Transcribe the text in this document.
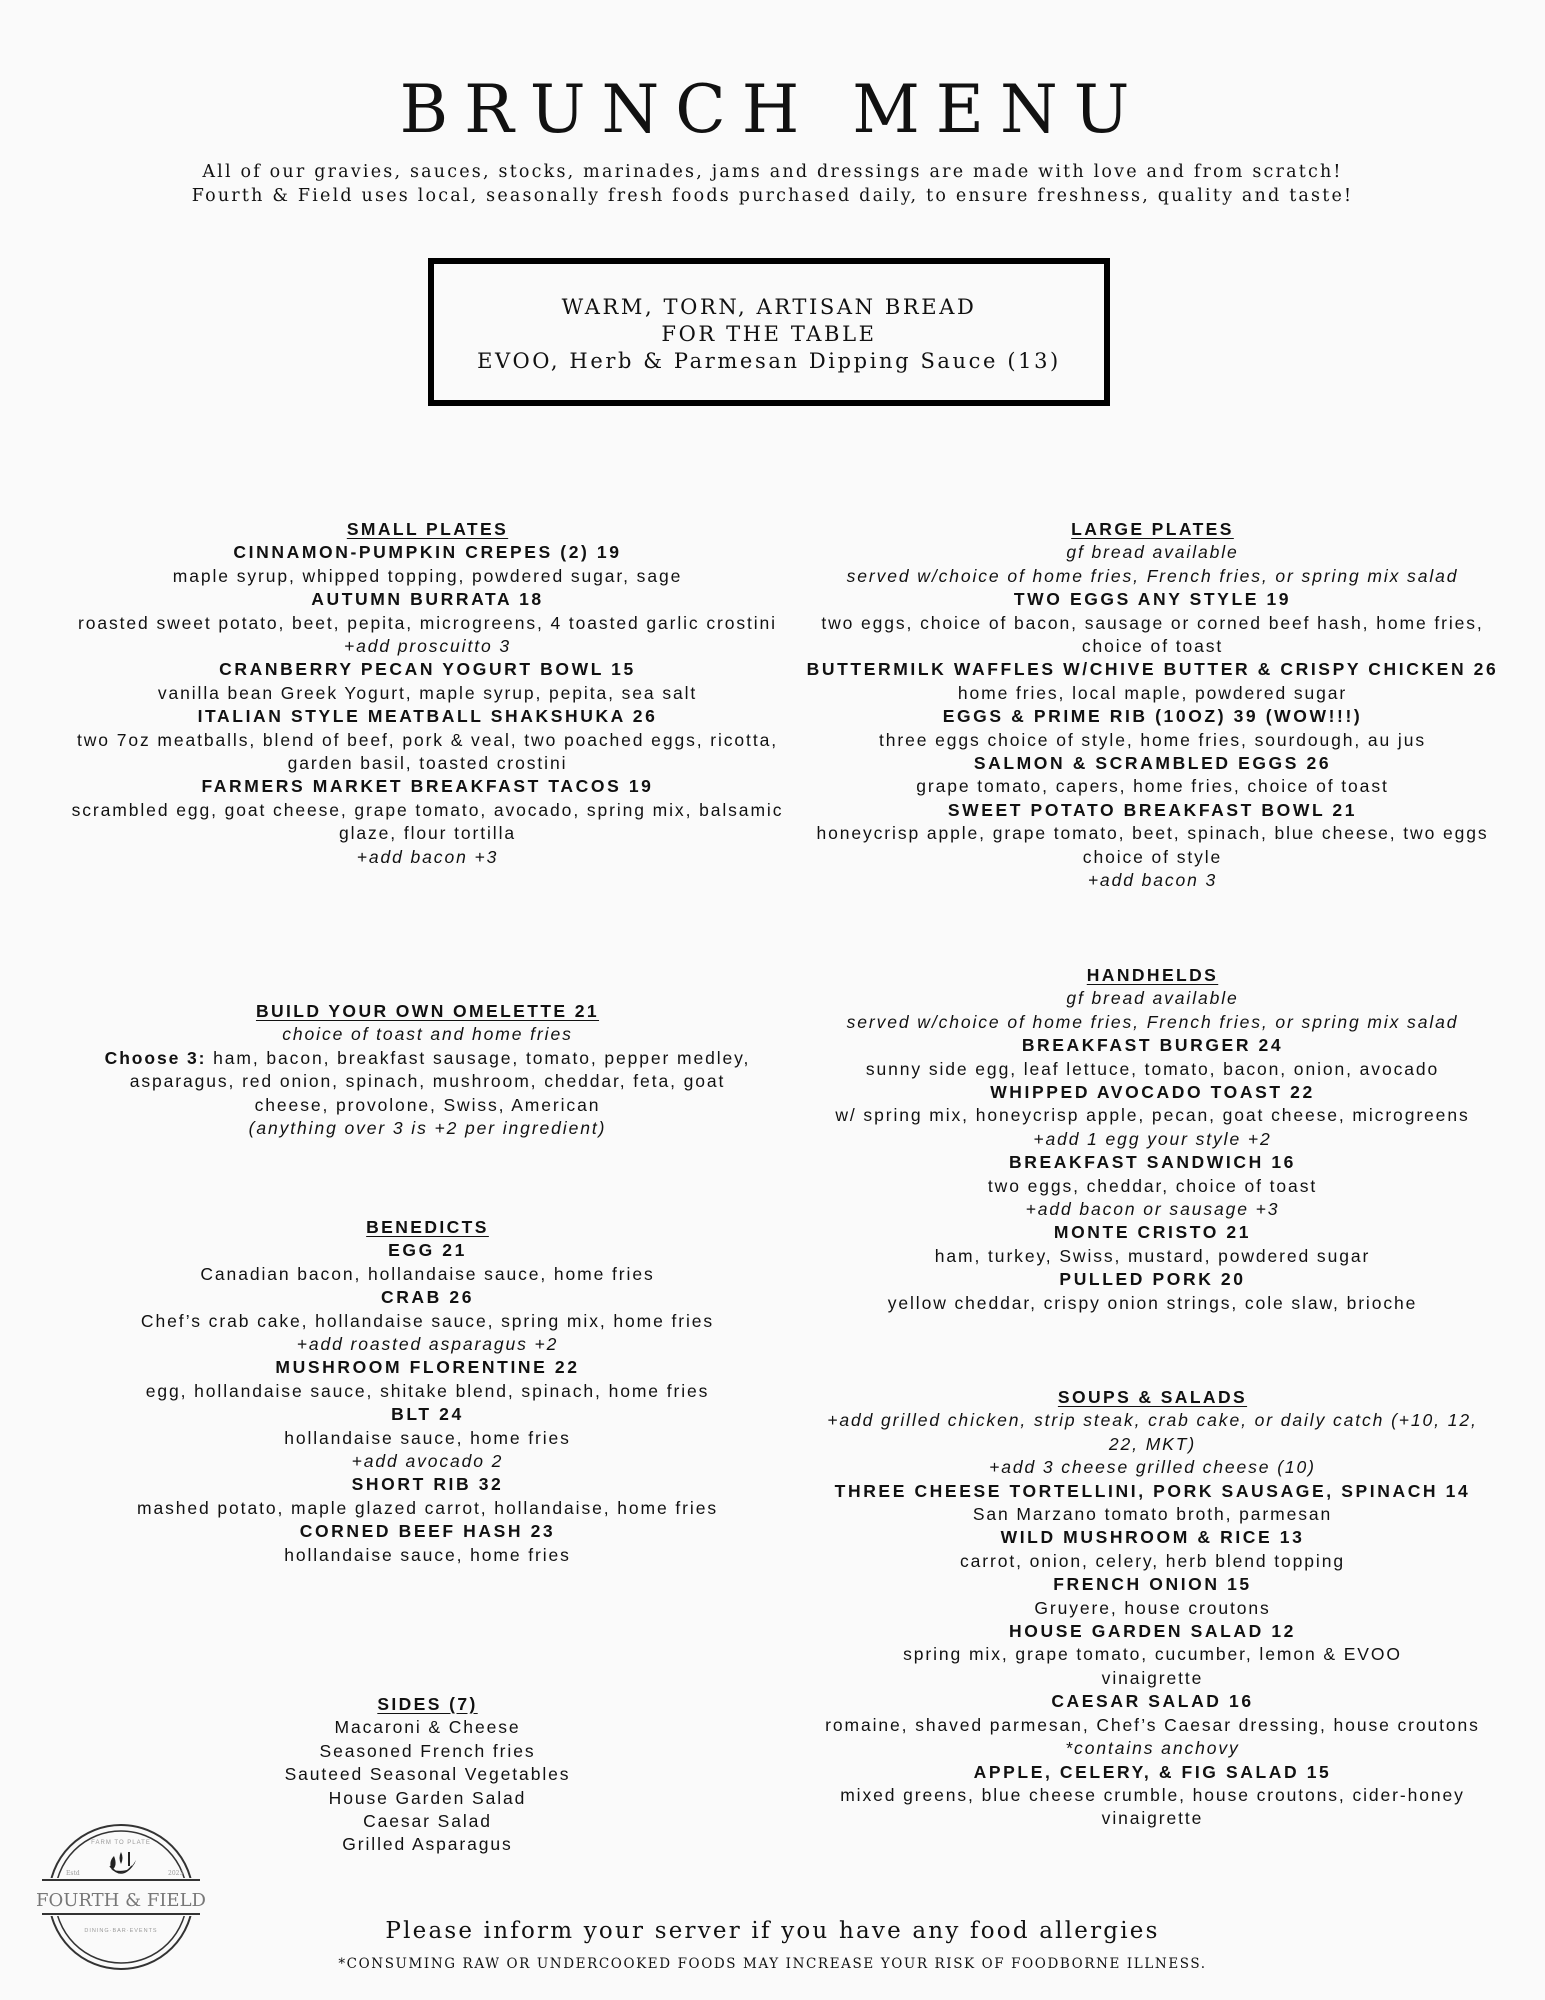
BRUNCH MENU
All of our gravies, sauces, stocks, marinades, jams and dressings are made with love and from scratch!
Fourth & Field uses local, seasonally fresh foods purchased daily, to ensure freshness, quality and taste!
WARM, TORN, ARTISAN BREAD
FOR THE TABLE
EVOO, Herb & Parmesan Dipping Sauce (13)
SMALL PLATES
CINNAMON-PUMPKIN CREPES (2) 19
maple syrup, whipped topping, powdered sugar, sage
AUTUMN BURRATA 18
roasted sweet potato, beet, pepita, microgreens, 4 toasted garlic crostini
+add proscuitto 3
CRANBERRY PECAN YOGURT BOWL 15
vanilla bean Greek Yogurt, maple syrup, pepita, sea salt
ITALIAN STYLE MEATBALL SHAKSHUKA 26
two 7oz meatballs, blend of beef, pork & veal, two poached eggs, ricotta, garden basil, toasted crostini
FARMERS MARKET BREAKFAST TACOS 19
scrambled egg, goat cheese, grape tomato, avocado, spring mix, balsamic glaze, flour tortilla
+add bacon +3
BUILD YOUR OWN OMELETTE 21
choice of toast and home fries
Choose 3: ham, bacon, breakfast sausage, tomato, pepper medley, asparagus, red onion, spinach, mushroom, cheddar, feta, goat cheese, provolone, Swiss, American
(anything over 3 is +2 per ingredient)
BENEDICTS
EGG 21
Canadian bacon, hollandaise sauce, home fries
CRAB 26
Chef’s crab cake, hollandaise sauce, spring mix, home fries
+add roasted asparagus +2
MUSHROOM FLORENTINE 22
egg, hollandaise sauce, shitake blend, spinach, home fries
BLT 24
hollandaise sauce, home fries
+add avocado 2
SHORT RIB 32
mashed potato, maple glazed carrot, hollandaise, home fries
CORNED BEEF HASH 23
hollandaise sauce, home fries
SIDES (7)
Macaroni & Cheese
Seasoned French fries
Sauteed Seasonal Vegetables
House Garden Salad
Caesar Salad
Grilled Asparagus
LARGE PLATES
gf bread available
served w/choice of home fries, French fries, or spring mix salad
TWO EGGS ANY STYLE 19
two eggs, choice of bacon, sausage or corned beef hash, home fries, choice of toast
BUTTERMILK WAFFLES W/CHIVE BUTTER & CRISPY CHICKEN 26
home fries, local maple, powdered sugar
EGGS & PRIME RIB (10OZ) 39 (WOW!!!)
three eggs choice of style, home fries, sourdough, au jus
SALMON & SCRAMBLED EGGS 26
grape tomato, capers, home fries, choice of toast
SWEET POTATO BREAKFAST BOWL 21
honeycrisp apple, grape tomato, beet, spinach, blue cheese, two eggs choice of style
+add bacon 3
HANDHELDS
gf bread available
served w/choice of home fries, French fries, or spring mix salad
BREAKFAST BURGER 24
sunny side egg, leaf lettuce, tomato, bacon, onion, avocado
WHIPPED AVOCADO TOAST 22
w/ spring mix, honeycrisp apple, pecan, goat cheese, microgreens
+add 1 egg your style +2
BREAKFAST SANDWICH 16
two eggs, cheddar, choice of toast
+add bacon or sausage +3
MONTE CRISTO 21
ham, turkey, Swiss, mustard, powdered sugar
PULLED PORK 20
yellow cheddar, crispy onion strings, cole slaw, brioche
SOUPS & SALADS
+add grilled chicken, strip steak, crab cake, or daily catch (+10, 12, 22, MKT)
+add 3 cheese grilled cheese (10)
THREE CHEESE TORTELLINI, PORK SAUSAGE, SPINACH 14
San Marzano tomato broth, parmesan
WILD MUSHROOM & RICE 13
carrot, onion, celery, herb blend topping
FRENCH ONION 15
Gruyere, house croutons
HOUSE GARDEN SALAD 12
spring mix, grape tomato, cucumber, lemon & EVOO vinaigrette
CAESAR SALAD 16
romaine, shaved parmesan, Chef’s Caesar dressing, house croutons
*contains anchovy
APPLE, CELERY, & FIG SALAD 15
mixed greens, blue cheese crumble, house croutons, cider-honey vinaigrette
FARM TO PLATE
Estd	2023
FOURTH & FIELD
DINING·BAR·EVENTS	Please inform your server if you have any food allergies
*CONSUMING RAW OR UNDERCOOKED FOODS MAY INCREASE YOUR RISK OF FOODBORNE ILLNESS.
